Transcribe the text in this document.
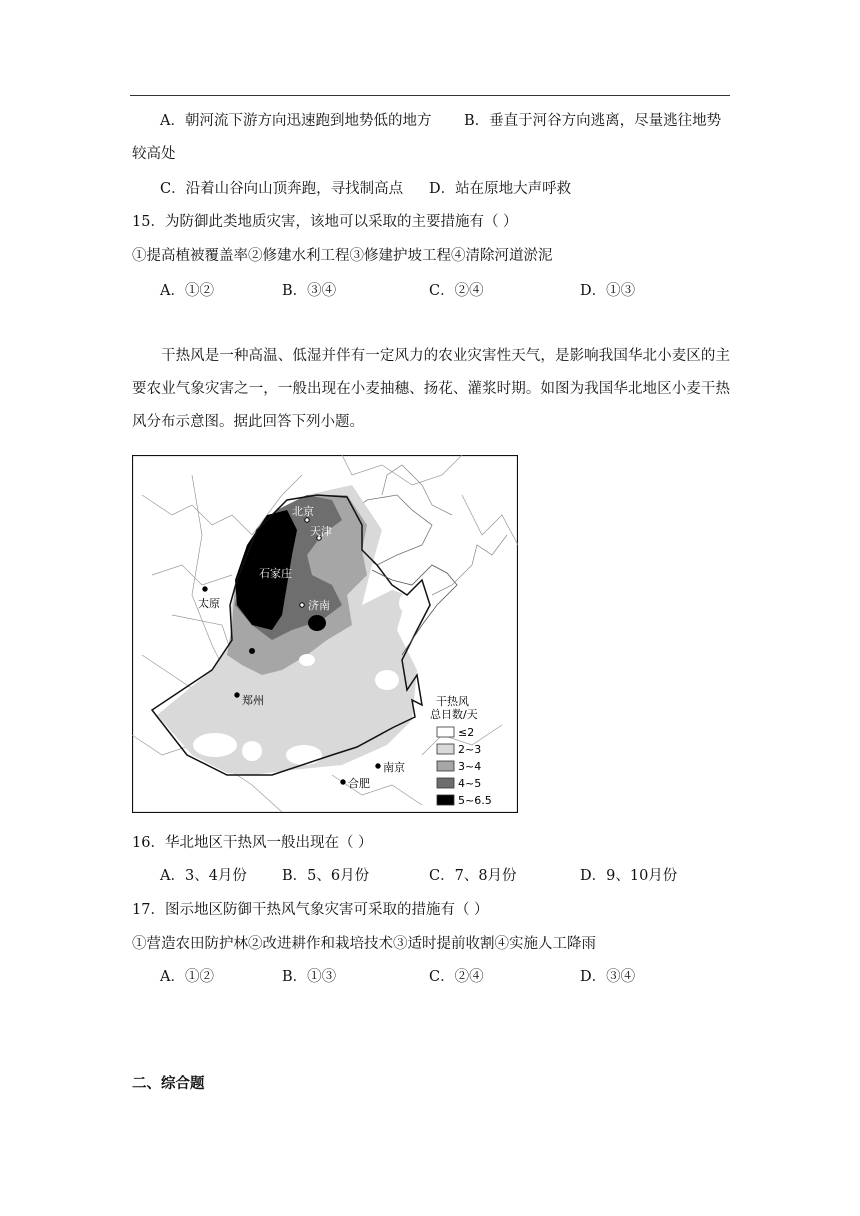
A．朝河流下游方向迅速跑到地势低的地方 B．垂直于河谷方向逃离，尽量逃往地势
较高处
C．沿着山谷向山顶奔跑，寻找制高点 D．站在原地大声呼救
15．为防御此类地质灾害，该地可以采取的主要措施有（ ）
①提高植被覆盖率②修建水利工程③修建护坡工程④清除河道淤泥
A．①②	B．③④	C．②④	D．①③
干热风是一种高温、低湿并伴有一定风力的农业灾害性天气，是影响我国华北小麦区的主要农业气象灾害之一，一般出现在小麦抽穗、扬花、灌浆时期。如图为我国华北地区小麦干热风分布示意图。据此回答下列小题。
北京
天津
石家庄
太原	济南
郑州
南京
合肥
干热风
总日数/天
≤2
2~3
3~4
4~5
5~6.5
16．华北地区干热风一般出现在（ ）
A．3、4月份 B．5、6月份	C．7、8月份	D．9、10月份
17．图示地区防御干热风气象灾害可采取的措施有（ ）
①营造农田防护林②改进耕作和栽培技术③适时提前收割④实施人工降雨
A．①②	B．①③	C．②④	D．③④
二、综合题
